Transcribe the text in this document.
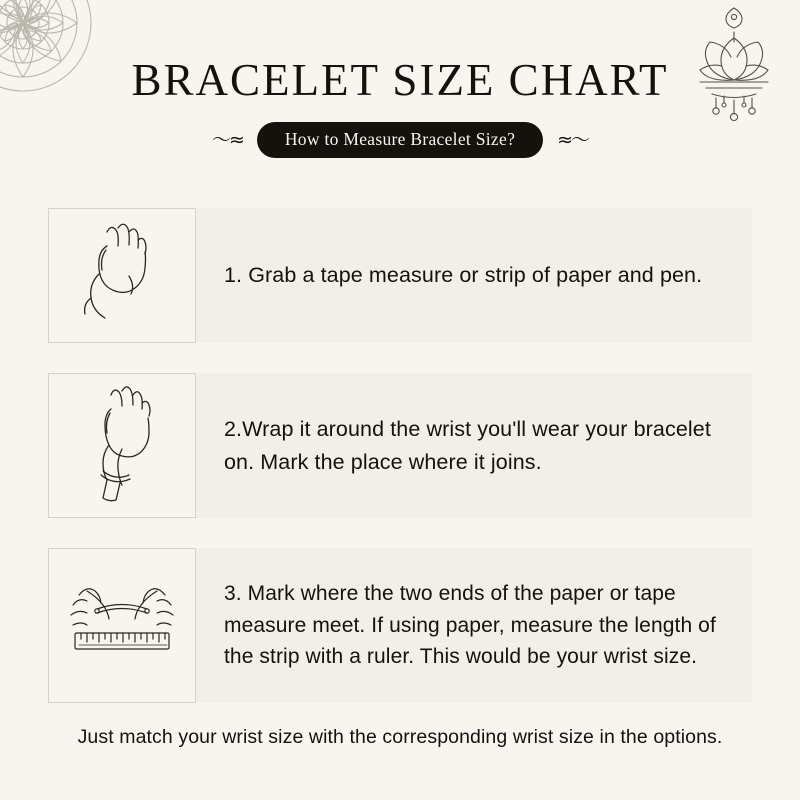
BRACELET SIZE CHART
〜≈	How to Measure Bracelet Size?	≈〜
1. Grab a tape measure or strip of paper and pen.
2.Wrap it around the wrist you'll wear your bracelet on. Mark the place where it joins.
3. Mark where the two ends of the paper or tape measure meet. If using paper, measure the length of the strip with a ruler. This would be your wrist size.
Just match your wrist size with the corresponding wrist size in the options.
